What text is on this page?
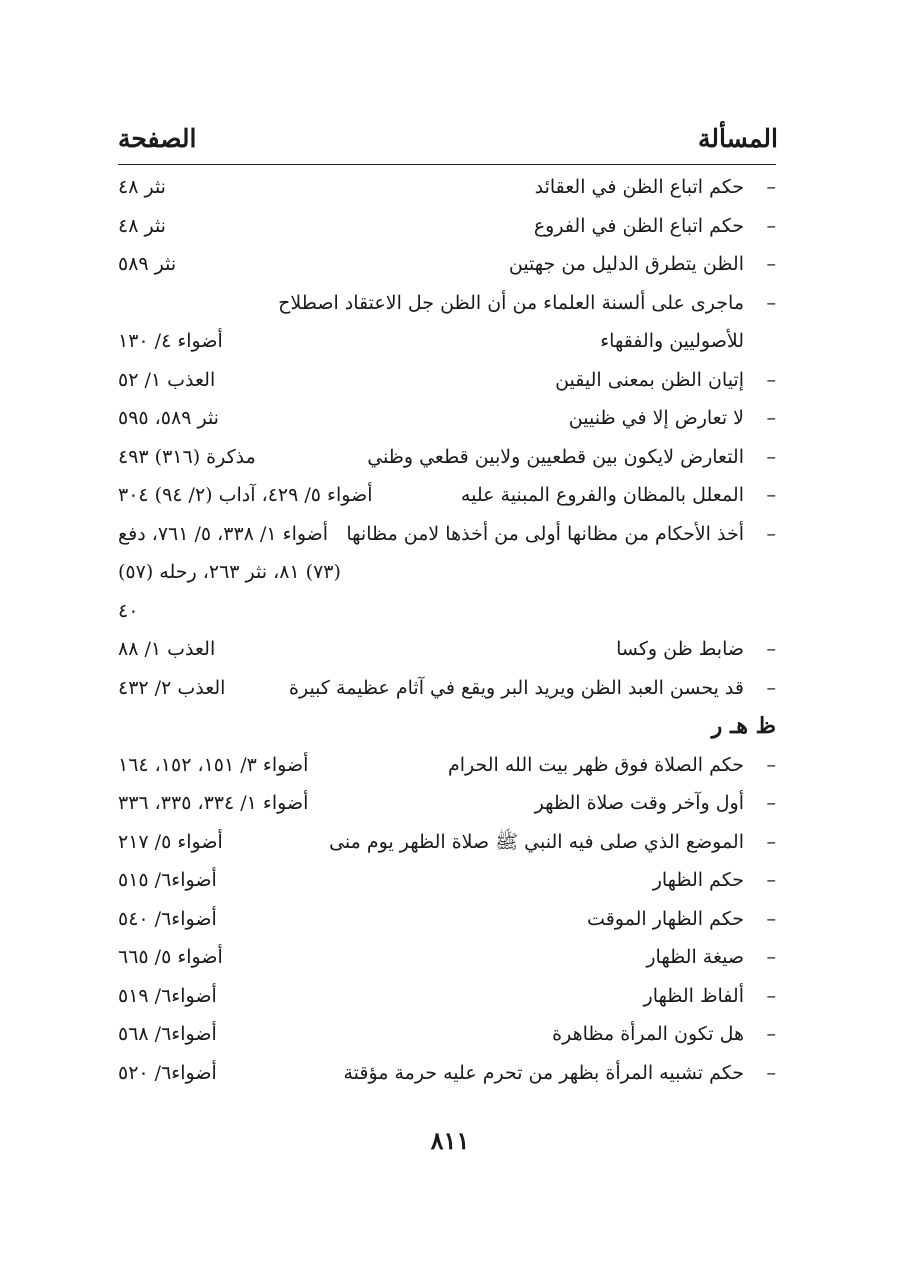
المسألة
الصفحة
–
حكم اتباع الظن في العقائد
نثر ٤٨
–
حكم اتباع الظن في الفروع
نثر ٤٨
–
الظن يتطرق الدليل من جهتين
نثر ٥٨٩
–
ماجرى على ألسنة العلماء من أن الظن جل الاعتقاد اصطلاح
للأصوليين والفقهاء
أضواء ٤/ ١٣٠
–
إتيان الظن بمعنى اليقين
العذب ١/ ٥٢
–
لا تعارض إلا في ظنيين
نثر ٥٨٩، ٥٩٥
–
التعارض لايكون بين قطعيين ولابين قطعي وظني
مذكرة (٣١٦) ٤٩٣
–
المعلل بالمظان والفروع المبنية عليه
أضواء ٥/ ٤٢٩، آداب (٢/ ٩٤) ٣٠٤
–
أخذ الأحكام من مظانها أولى من أخذها لامن مظانها
أضواء ١/ ٣٣٨، ٥/ ٧٦١، دفع
(٧٣) ٨١، نثر ٢٦٣، رحله (٥٧)
٤٠
–
ضابط ظن وكسا
العذب ١/ ٨٨
–
قد يحسن العبد الظن ويريد البر ويقع في آثام عظيمة كبيرة
العذب ٢/ ٤٣٢
ظ هـ ر
–
حكم الصلاة فوق ظهر بيت الله الحرام
أضواء ٣/ ١٥١، ١٥٢، ١٦٤
–
أول وآخر وقت صلاة الظهر
أضواء ١/ ٣٣٤، ٣٣٥، ٣٣٦
–
الموضع الذي صلى فيه النبي ﷺ صلاة الظهر يوم منى
أضواء ٥/ ٢١٧
–
حكم الظهار
أضواء٦/ ٥١٥
–
حكم الظهار الموقت
أضواء٦/ ٥٤٠
–
صيغة الظهار
أضواء ٥/ ٦٦٥
–
ألفاظ الظهار
أضواء٦/ ٥١٩
–
هل تكون المرأة مظاهرة
أضواء٦/ ٥٦٨
–
حكم تشبيه المرأة بظهر من تحرم عليه حرمة مؤقتة
أضواء٦/ ٥٢٠
٨١١
